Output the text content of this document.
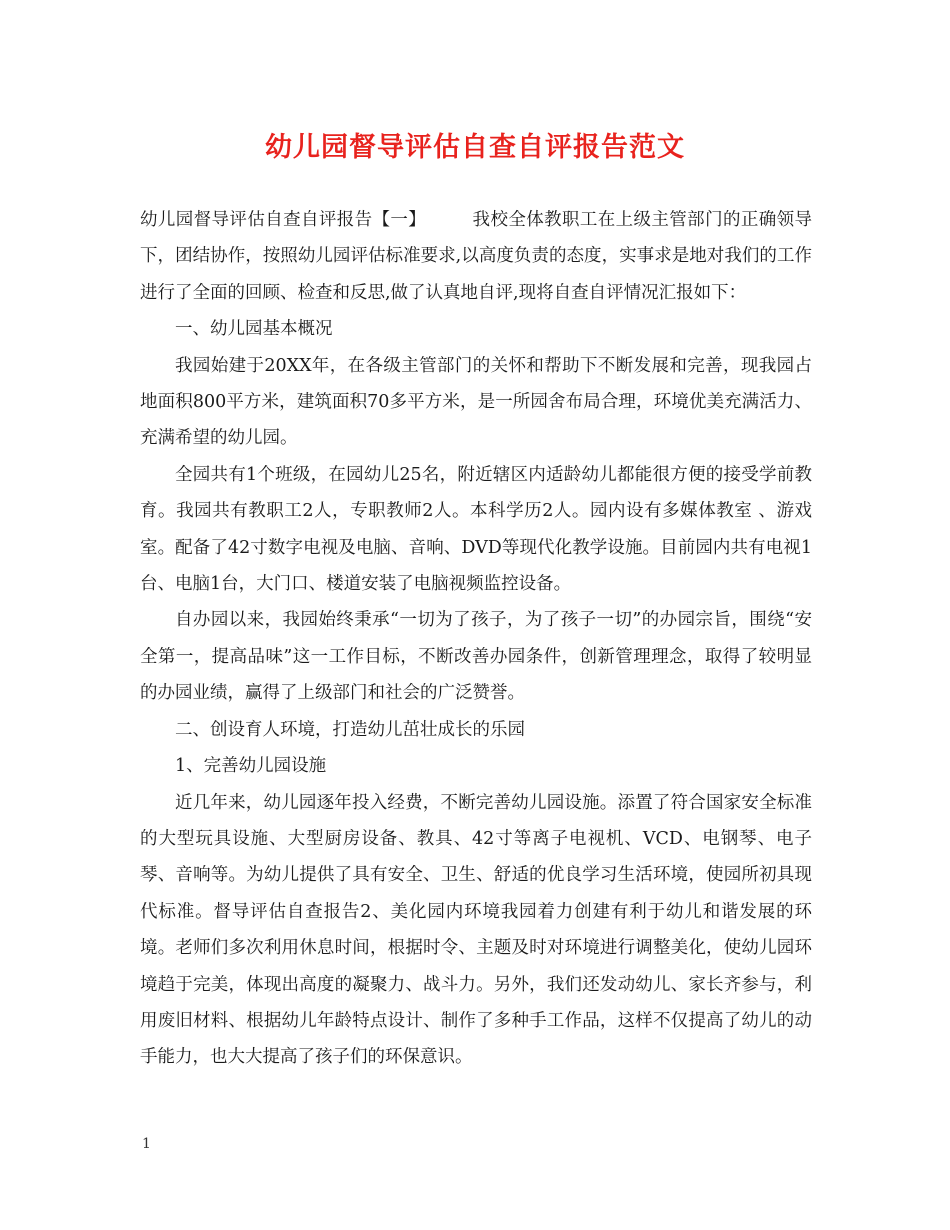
幼儿园督导评估自查自评报告范文

幼儿园督导评估自查自评报告【一】	我校全体教职工在上级主管部门的正确领导下，团结协作，按照幼儿园评估标准要求,以高度负责的态度，实事求是地对我们的工作进行了全面的回顾、检查和反思,做了认真地自评,现将自查自评情况汇报如下：

一、幼儿园基本概况

我园始建于20XX年，在各级主管部门的关怀和帮助下不断发展和完善，现我园占地面积800平方米，建筑面积70多平方米，是一所园舍布局合理，环境优美充满活力、充满希望的幼儿园。

全园共有1个班级，在园幼儿25名，附近辖区内适龄幼儿都能很方便的接受学前教育。我园共有教职工2人，专职教师2人。本科学历2人。园内设有多媒体教室 、游戏室。配备了42寸数字电视及电脑、音响、DVD等现代化教学设施。目前园内共有电视1台、电脑1台，大门口、楼道安装了电脑视频监控设备。

自办园以来，我园始终秉承“一切为了孩子，为了孩子一切”的办园宗旨，围绕“安全第一，提高品味”这一工作目标，不断改善办园条件，创新管理理念，取得了较明显的办园业绩，赢得了上级部门和社会的广泛赞誉。

二、创设育人环境，打造幼儿茁壮成长的乐园

1、完善幼儿园设施

近几年来，幼儿园逐年投入经费，不断完善幼儿园设施。添置了符合国家安全标准的大型玩具设施、大型厨房设备、教具、42寸等离子电视机、VCD、电钢琴、电子琴、音响等。为幼儿提供了具有安全、卫生、舒适的优良学习生活环境，使园所初具现代标准。督导评估自查报告2、美化园内环境我园着力创建有利于幼儿和谐发展的环境。老师们多次利用休息时间，根据时令、主题及时对环境进行调整美化，使幼儿园环境趋于完美，体现出高度的凝聚力、战斗力。另外，我们还发动幼儿、家长齐参与，利用废旧材料、根据幼儿年龄特点设计、制作了多种手工作品，这样不仅提高了幼儿的动手能力，也大大提高了孩子们的环保意识。

1
